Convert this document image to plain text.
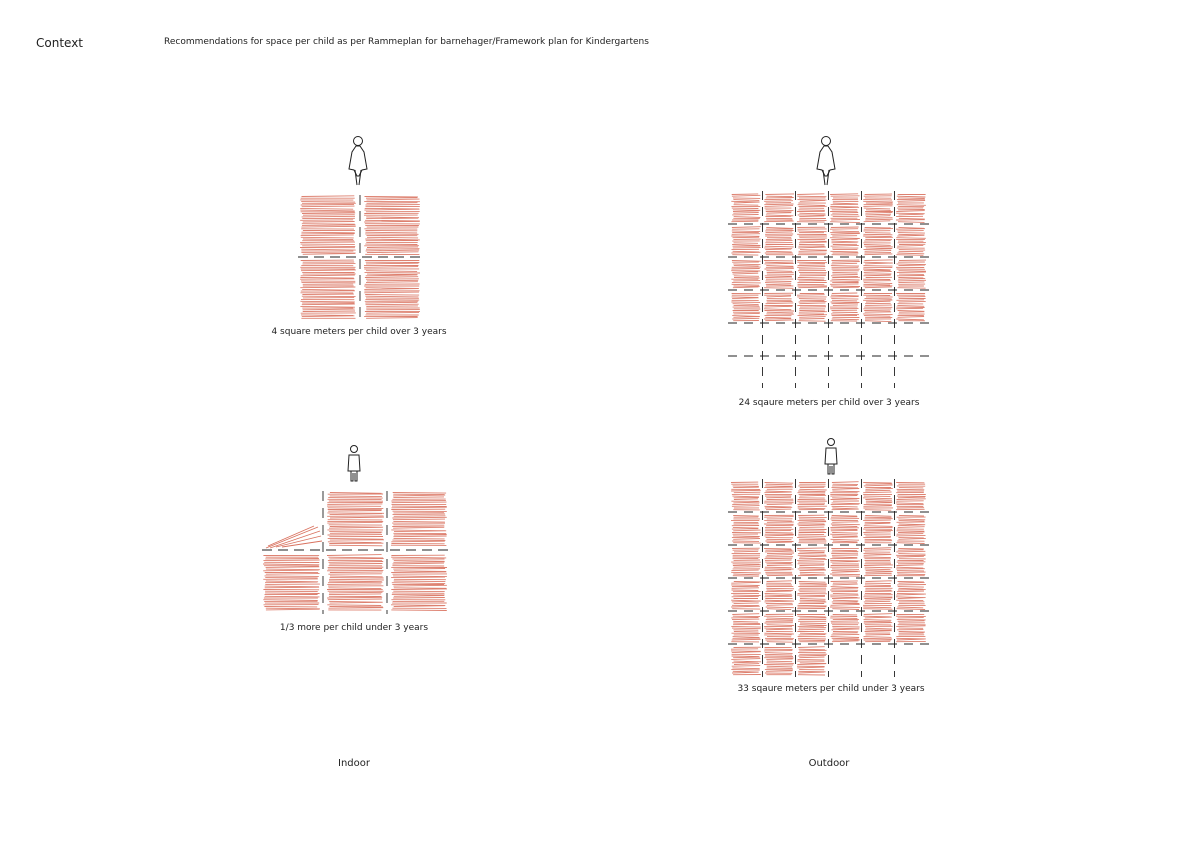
Context	Recommendations for space per child as per Rammeplan for barnehager/Framework plan for Kindergartens
4 square meters per child over 3 years
1/3 more per child under 3 years
24 sqaure meters per child over 3 years
33 sqaure meters per child under 3 years
Indoor	Outdoor
